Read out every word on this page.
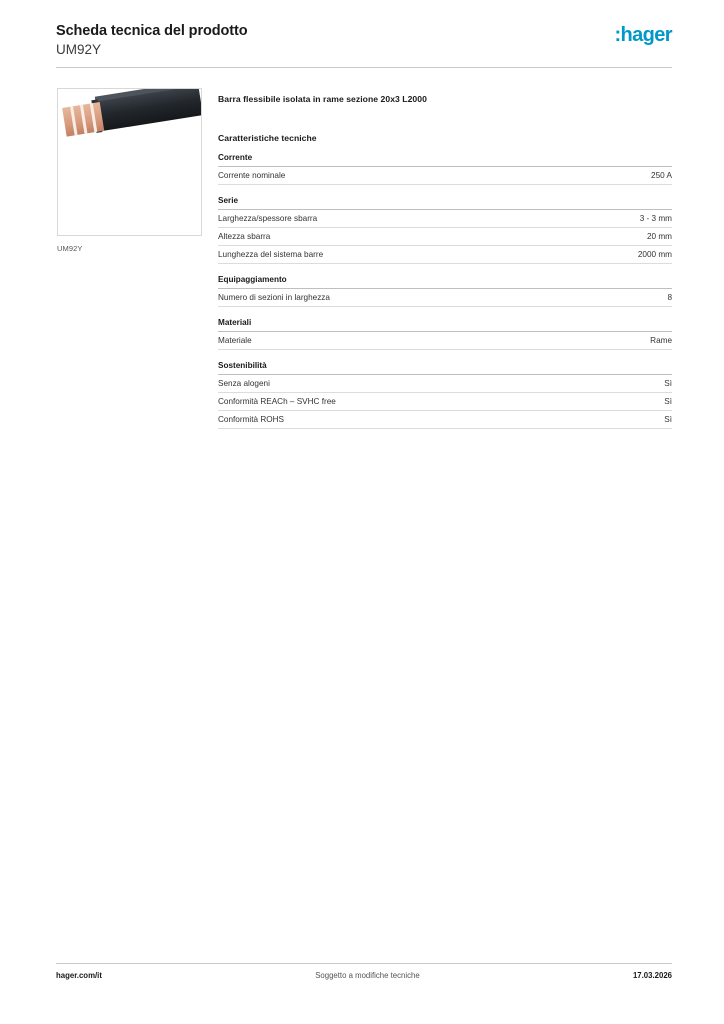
Scheda tecnica del prodotto
UM92Y
:hager
UM92Y
Barra flessibile isolata in rame sezione 20x3 L2000
Caratteristiche tecniche
Corrente
Corrente nominale	250 A
Serie
Larghezza/spessore sbarra	3 - 3 mm
Altezza sbarra	20 mm
Lunghezza del sistema barre	2000 mm
Equipaggiamento
Numero di sezioni in larghezza	8
Materiali
Materiale	Rame
Sostenibilità
Senza alogeni	Sì
Conformità REACh – SVHC free	Sì
Conformità ROHS	Sì
hager.com/it	Soggetto a modifiche tecniche	17.03.2026
